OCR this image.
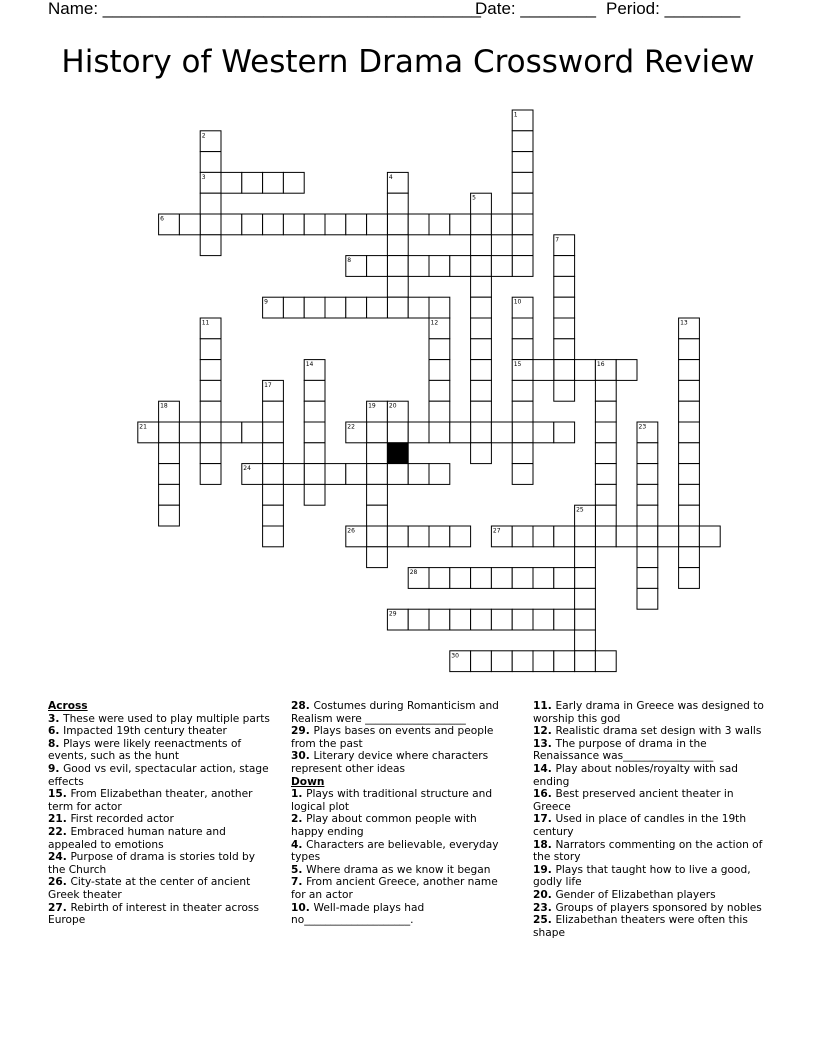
Name: ________________________________________
Date: ________ Period: ________
History of Western Drama Crossword Review
1
2
3	4
5
6
7
8
9	10
11	12	13
14	15	16
17
18	19 20
21	22	23
24
25
26	27
28
29
30
Across
3. These were used to play multiple parts
6. Impacted 19th century theater
8. Plays were likely reenactments of events, such as the hunt
9. Good vs evil, spectacular action, stage effects
15. From Elizabethan theater, another term for actor
21. First recorded actor
22. Embraced human nature and appealed to emotions
24. Purpose of drama is stories told by the Church
26. City-state at the center of ancient Greek theater
27. Rebirth of interest in theater across Europe
28. Costumes during Romanticism and Realism were ___________________
29. Plays bases on events and people from the past
30. Literary device where characters represent other ideas
Down
1. Plays with traditional structure and logical plot
2. Play about common people with happy ending
4. Characters are believable, everyday types
5. Where drama as we know it began
7. From ancient Greece, another name for an actor
10. Well-made plays had no____________________.
11. Early drama in Greece was designed to worship this god
12. Realistic drama set design with 3 walls
13. The purpose of drama in the Renaissance was_________________
14. Play about nobles/royalty with sad ending
16. Best preserved ancient theater in Greece
17. Used in place of candles in the 19th century
18. Narrators commenting on the action of the story
19. Plays that taught how to live a good, godly life
20. Gender of Elizabethan players
23. Groups of players sponsored by nobles
25. Elizabethan theaters were often this shape
